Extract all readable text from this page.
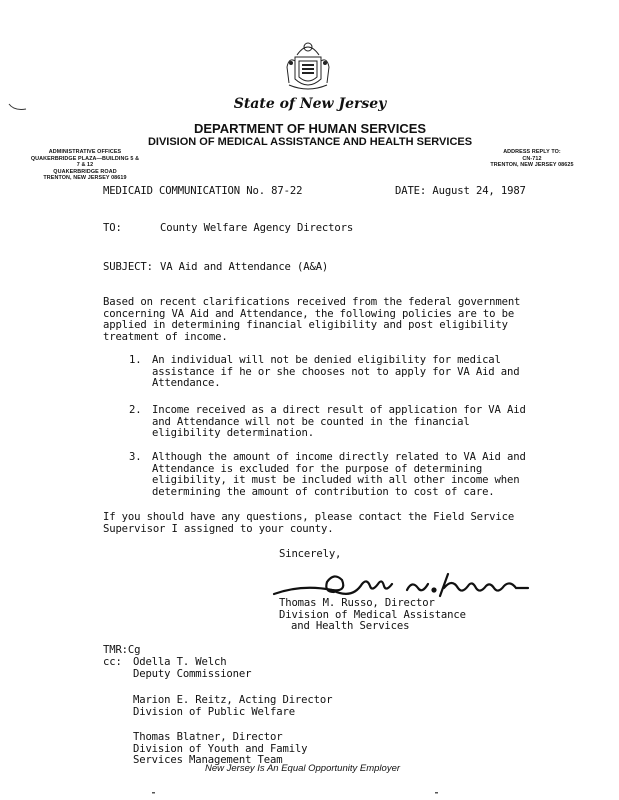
State of New Jersey
DEPARTMENT OF HUMAN SERVICES
DIVISION OF MEDICAL ASSISTANCE AND HEALTH SERVICES
ADMINISTRATIVE OFFICES
QUAKERBRIDGE PLAZA—BUILDING 5 & 7 & 12
QUAKERBRIDGE ROAD
TRENTON, NEW JERSEY 08619
ADDRESS REPLY TO:
CN-712
TRENTON, NEW JERSEY 08625
MEDICAID COMMUNICATION No. 87-22	DATE: August 24, 1987
TO:	County Welfare Agency Directors
SUBJECT: VA Aid and Attendance (A&A)
Based on recent clarifications received from the federal government
concerning VA Aid and Attendance, the following policies are to be
applied in determining financial eligibility and post eligibility
treatment of income.
1. An individual will not be denied eligibility for medical
assistance if he or she chooses not to apply for VA Aid and
Attendance.
2. Income received as a direct result of application for VA Aid
and Attendance will not be counted in the financial
eligibility determination.
3. Although the amount of income directly related to VA Aid and
Attendance is excluded for the purpose of determining
eligibility, it must be included with all other income when
determining the amount of contribution to cost of care.
If you should have any questions, please contact the Field Service
Supervisor I assigned to your county.
Sincerely,
Thomas M. Russo, Director
Division of Medical Assistance
and Health Services
TMR:Cg
cc: Odella T. Welch
Deputy Commissioner
Marion E. Reitz, Acting Director
Division of Public Welfare
Thomas Blatner, Director
Division of Youth and Family
Services Management Team
New Jersey Is An Equal Opportunity Employer
